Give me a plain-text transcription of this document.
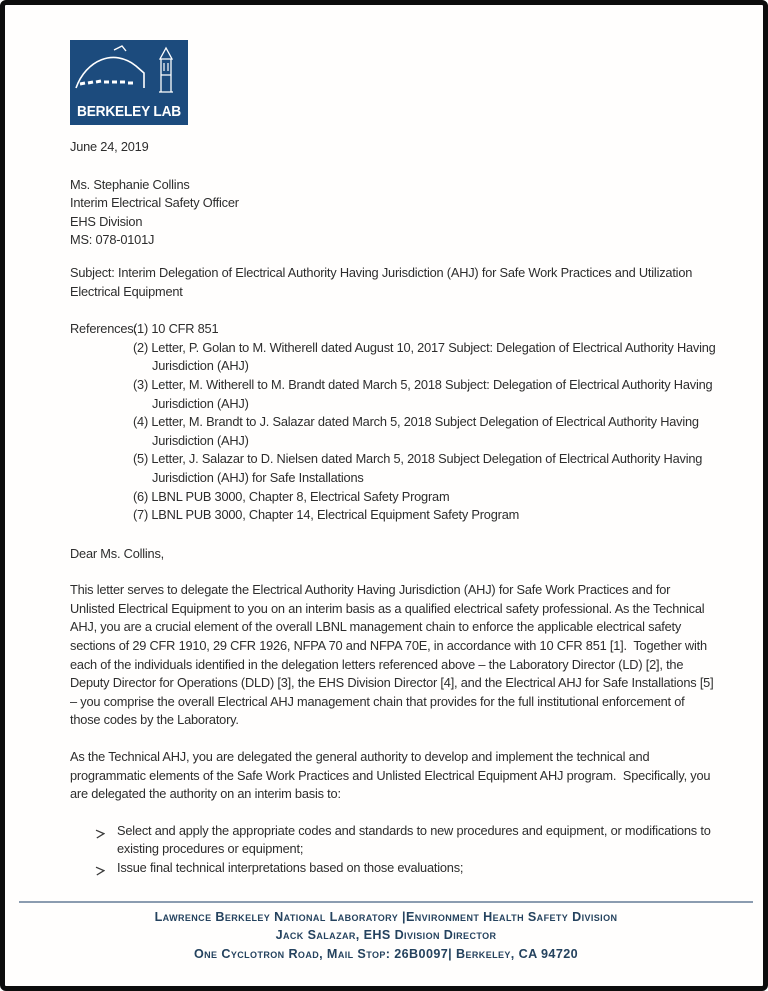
BERKELEY LAB
June 24, 2019
Ms. Stephanie Collins
Interim Electrical Safety Officer
EHS Division
MS: 078-0101J
Subject: Interim Delegation of Electrical Authority Having Jurisdiction (AHJ) for Safe Work Practices and Utilization Electrical Equipment
References:
(1) 10 CFR 851
(2) Letter, P. Golan to M. Witherell dated August 10, 2017 Subject: Delegation of Electrical Authority Having Jurisdiction (AHJ)
(3) Letter, M. Witherell to M. Brandt dated March 5, 2018 Subject: Delegation of Electrical Authority Having Jurisdiction (AHJ)
(4) Letter, M. Brandt to J. Salazar dated March 5, 2018 Subject Delegation of Electrical Authority Having Jurisdiction (AHJ)
(5) Letter, J. Salazar to D. Nielsen dated March 5, 2018 Subject Delegation of Electrical Authority Having Jurisdiction (AHJ) for Safe Installations
(6) LBNL PUB 3000, Chapter 8, Electrical Safety Program
(7) LBNL PUB 3000, Chapter 14, Electrical Equipment Safety Program
Dear Ms. Collins,

This letter serves to delegate the Electrical Authority Having Jurisdiction (AHJ) for Safe Work Practices and for Unlisted Electrical Equipment to you on an interim basis as a qualified electrical safety professional. As the Technical AHJ, you are a crucial element of the overall LBNL management chain to enforce the applicable electrical safety sections of 29 CFR 1910, 29 CFR 1926, NFPA 70 and NFPA 70E, in accordance with 10 CFR 851 [1].  Together with each of the individuals identified in the delegation letters referenced above – the Laboratory Director (LD) [2], the Deputy Director for Operations (DLD) [3], the EHS Division Director [4], and the Electrical AHJ for Safe Installations [5]  – you comprise the overall Electrical AHJ management chain that provides for the full institutional enforcement of those codes by the Laboratory.

As the Technical AHJ, you are delegated the general authority to develop and implement the technical and programmatic elements of the Safe Work Practices and Unlisted Electrical Equipment AHJ program.  Specifically, you are delegated the authority on an interim basis to:

Select and apply the appropriate codes and standards to new procedures and equipment, or modifications to existing procedures or equipment;
Issue final technical interpretations based on those evaluations;
Lawrence Berkeley National Laboratory |Environment Health Safety Division
Jack Salazar, EHS Division Director
One Cyclotron Road, Mail Stop: 26B0097| Berkeley, CA 94720
